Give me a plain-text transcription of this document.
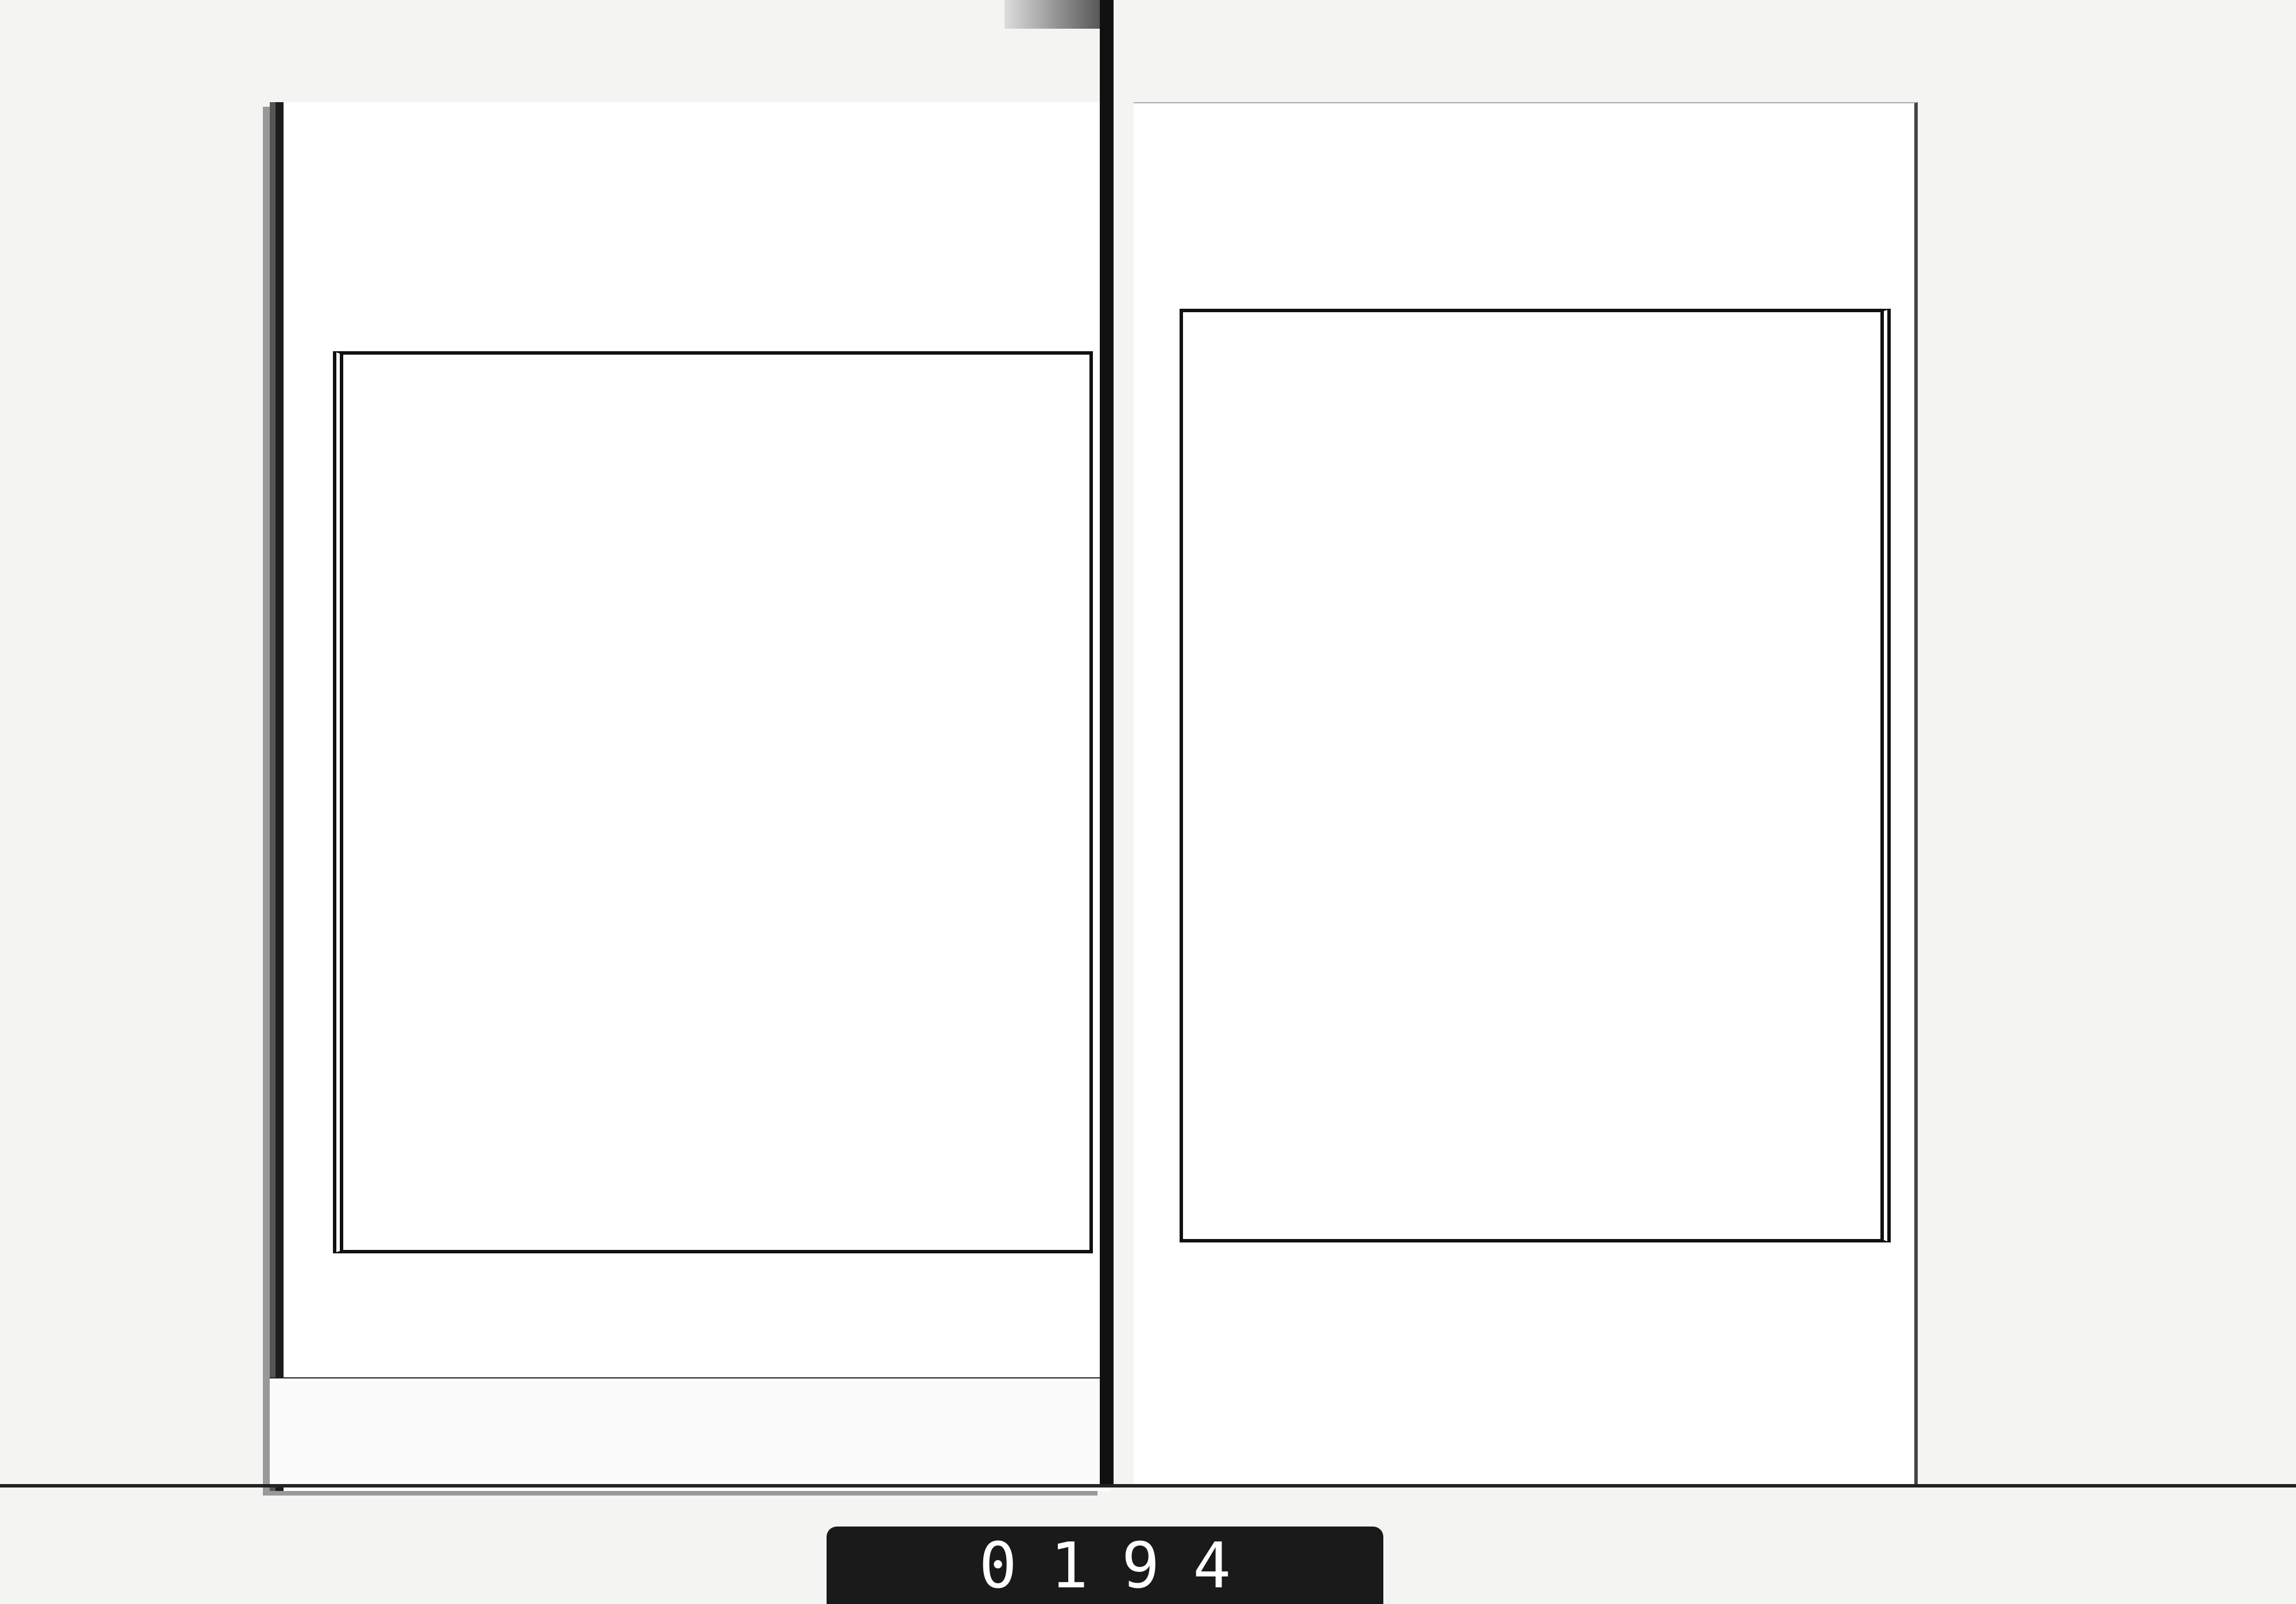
0194
